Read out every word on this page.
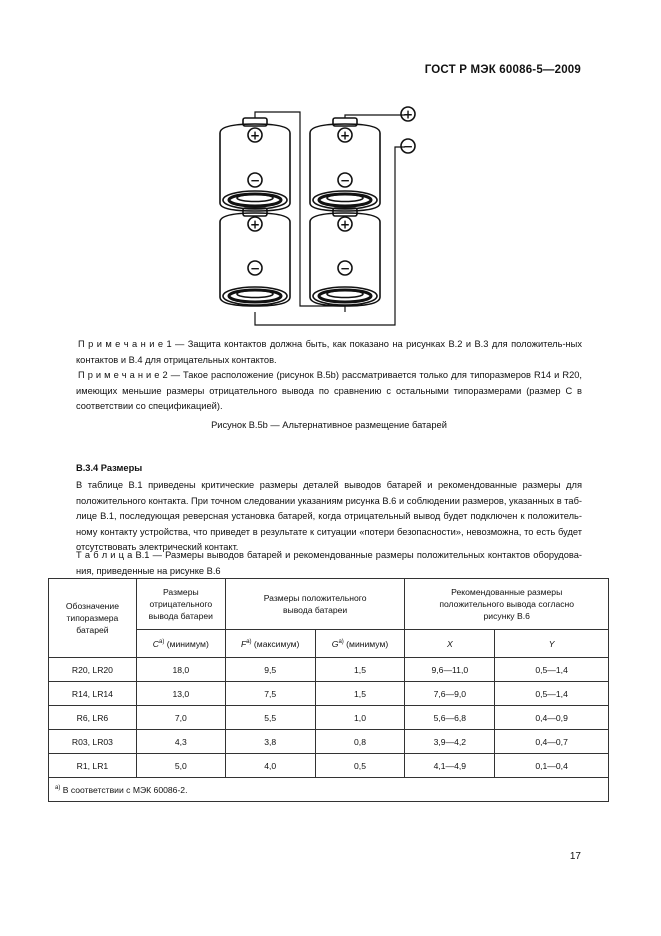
ГОСТ Р МЭК 60086-5—2009
+
−
+
−
+
−
+
−
+
−
П р и м е ч а н и е 1 — Защита контактов должна быть, как показано на рисунках В.2 и В.3 для положитель-ных контактов и В.4 для отрицательных контактов.
П р и м е ч а н и е 2 — Такое расположение (рисунок В.5b) рассматривается только для типоразмеров R14 и R20, имеющих меньшие размеры отрицательного вывода по сравнению с остальными типоразмерами (размер С в соответствии со спецификацией).
Рисунок В.5b — Альтернативное размещение батарей
В.3.4 Размеры
В таблице В.1 приведены критические размеры деталей выводов батарей и рекомендованные размеры для положительного контакта. При точном следовании указаниям рисунка В.6 и соблюдении размеров, указанных в таб-лице В.1, последующая реверсная установка батарей, когда отрицательный вывод будет подключен к положитель-ному контакту устройства, что приведет в результате к ситуации «потери безопасности», невозможна, то есть будет отсутствовать электрический контакт.
Т а б л и ц а В.1 — Размеры выводов батарей и рекомендованные размеры положительных контактов оборудова-ния, приведенные на рисунке В.6
Обозначение типоразмера батарей	Размеры отрицательного вывода батареи	Размеры положительного вывода батареи		Рекомендованные размеры положительного вывода согласно рисунку В.6	
	$C^{а)}$ (минимум)	$F^{а)}$ (максимум)	$G^{а)}$ (минимум)	X	Y
R20, LR20	18,0	9,5	1,5	9,6—11,0	0,5—1,4
R14, LR14	13,0	7,5	1,5	7,6—9,0	0,5—1,4
R6, LR6	7,0	5,5	1,0	5,6—6,8	0,4—0,9
R03, LR03	4,3	3,8	0,8	3,9—4,2	0,4—0,7
R1, LR1	5,0	4,0	0,5	4,1—4,9	0,1—0,4
$^{а)}$ В соответствии с МЭК 60086-2.					
17
